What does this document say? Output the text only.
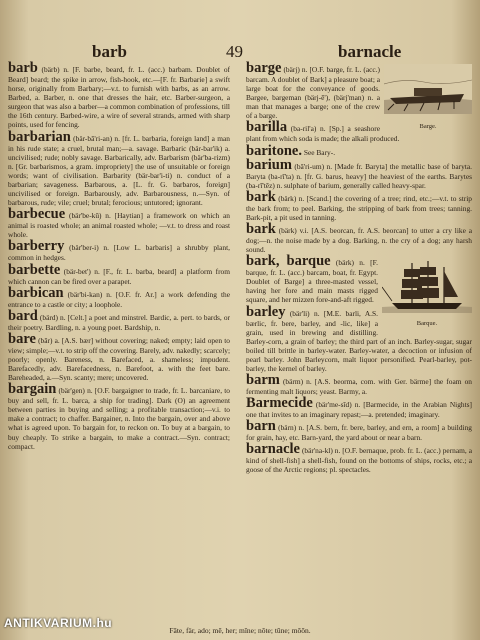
barb	49	barnacle
barb (bärb) n. [F. barbe, beard, fr. L. (acc.) barbam. Doublet of Beard] beard; the spike in arrow, fish-hook, etc.—[F. fr. Barbarie] a swift horse, originally from Barbary;—v.t. to furnish with barbs, as an arrow. Barbed, a. Barber, n. one that dresses the hair, etc. Barber-surgeon, a surgeon that was also a barber—a common combination of professions, till the 16th century. Barbed-wire, a wire of several strands, armed with sharp points, used for fencing.
barbarian (bär-bā'ri-an) n. [fr. L. barbaria, foreign land] a man in his rude state; a cruel, brutal man;—a. savage. Barbaric (bär-bar'ik) a. uncivilised; rude; nobly savage. Barbarically, adv. Barbarism (bär'ba-rizm) n. [Gr. barbarismos, a gram. impropriety] the use of unsuitable or foreign words; want of civilisation. Barbarity (bär-bar'i-ti) n. conduct of a barbarian; savageness. Barbarous, a. [L. fr. G. barbaros, foreign] uncivilised or foreign. Barbarously, adv. Barbarousness, n.—Syn. of barbarous, rude; vile; cruel; brutal; ferocious; untutored; ignorant.
barbecue (bär'be-kū) n. [Haytian] a framework on which an animal is roasted whole; an animal roasted whole; —v.t. to dress and roast whole.
barberry (bär'ber-i) n. [Low L. barbaris] a shrubby plant, common in hedges.
barbette (bär-bet') n. [F., fr. L. barba, beard] a platform from which cannon can be fired over a parapet.
barbican (bär'bi-kan) n. [O.F. fr. Ar.] a work defending the entrance to a castle or city; a loophole.
bard (bärd) n. [Celt.] a poet and minstrel. Bardic, a. pert. to bards, or their poetry. Bardling, n. a young poet. Bardship, n.
bare (bār) a. [A.S. bær] without covering; naked; empty; laid open to view; simple;—v.t. to strip off the covering. Barely, adv. nakedly; scarcely; poorly; openly. Bareness, n. Barefaced, a. shameless; impudent. Barefacedly, adv. Barefacedness, n. Barefoot, a. with the feet bare. Bareheaded, a.—Syn. scanty; mere; uncovered.
bargain (bär'gen) n. [O.F. bargaigner to trade, fr. L. barcaniare, to buy and sell, fr. L. barca, a ship for trading]. Dark (O) an agreement between parties in buying and selling; a profitable transaction;—v.i. to make a contract; to chaffer. Bargainer, n. Into the bargain, over and above what is agreed upon. To bargain for, to reckon on. To buy at a bargain, to buy cheaply. To strike a bargain, to make a contract.—Syn. contract; compact.
Barge.
barge (bärj) n. [O.F. barge, fr. L. (acc.) barcam. A doublet of Bark] a pleasure boat; a large boat for the conveyance of goods. Bargee, bargeman (bärj-ē'), (bärj'man) n. a man that manages a barge; one of the crew of a barge.
barilla (ba-ril'a) n. [Sp.] a seashore plant from which soda is made; the alkali produced.
baritone. See Bary-.
barium (bā'ri-um) n. [Made fr. Baryta] the metallic base of baryta. Baryta (ba-rī'ta) n. [fr. G. barus, heavy] the heaviest of the earths. Barytes (ba-rī'tēz) n. sulphate of barium, generally called heavy-spar.
bark (bärk) n. [Scand.] the covering of a tree; rind, etc.;—v.t. to strip the bark from; to peel. Barking, the stripping of bark from trees; tanning. Bark-pit, a pit used in tanning.
bark (bärk) v.i. [A.S. beorcan, fr. A.S. beorcan] to utter a cry like a dog;—n. the noise made by a dog. Barking, n. the cry of a dog; any harsh sound.
Barque.
bark, barque (bärk) n. [F. barque, fr. L. (acc.) barcam, boat, fr. Egypt. Doublet of Barge] a three-masted vessel, having her fore and main masts rigged square, and her mizzen fore-and-aft rigged.
barley (bär'li) n. [M.E. barli, A.S. bærlic, fr. bere, barley, and -lic, like] a grain, used in brewing and distilling. Barley-corn, a grain of barley; the third part of an inch. Barley-sugar, sugar boiled till brittle in barley-water. Barley-water, a decoction or infusion of pearl barley. John Barleycorn, malt liquor personified. Pearl-barley, pot-barley, the kernel of barley.
barm (bärm) n. [A.S. beorma, com. with Ger. bärme] the foam on fermenting malt liquors; yeast. Barmy, a.
Barmecide (bär'me-sīd) n. [Barmecide, in the Arabian Nights] one that invites to an imaginary repast;—a. pretended; imaginary.
barn (bärn) n. [A.S. bern, fr. bere, barley, and ern, a room] a building for grain, hay, etc. Barn-yard, the yard about or near a barn.
barnacle (bär'na-kl) n. [O.F. bernaque, prob. fr. L. (acc.) pernam, a kind of shell-fish] a shell-fish, found on the bottoms of ships, rocks, etc.; a goose of the Arctic regions; pl. spectacles.
Fāte, fär, ado; mē, her; mīne; nōte; tūne; mōōn.
ANTIKVARIUM.hu
